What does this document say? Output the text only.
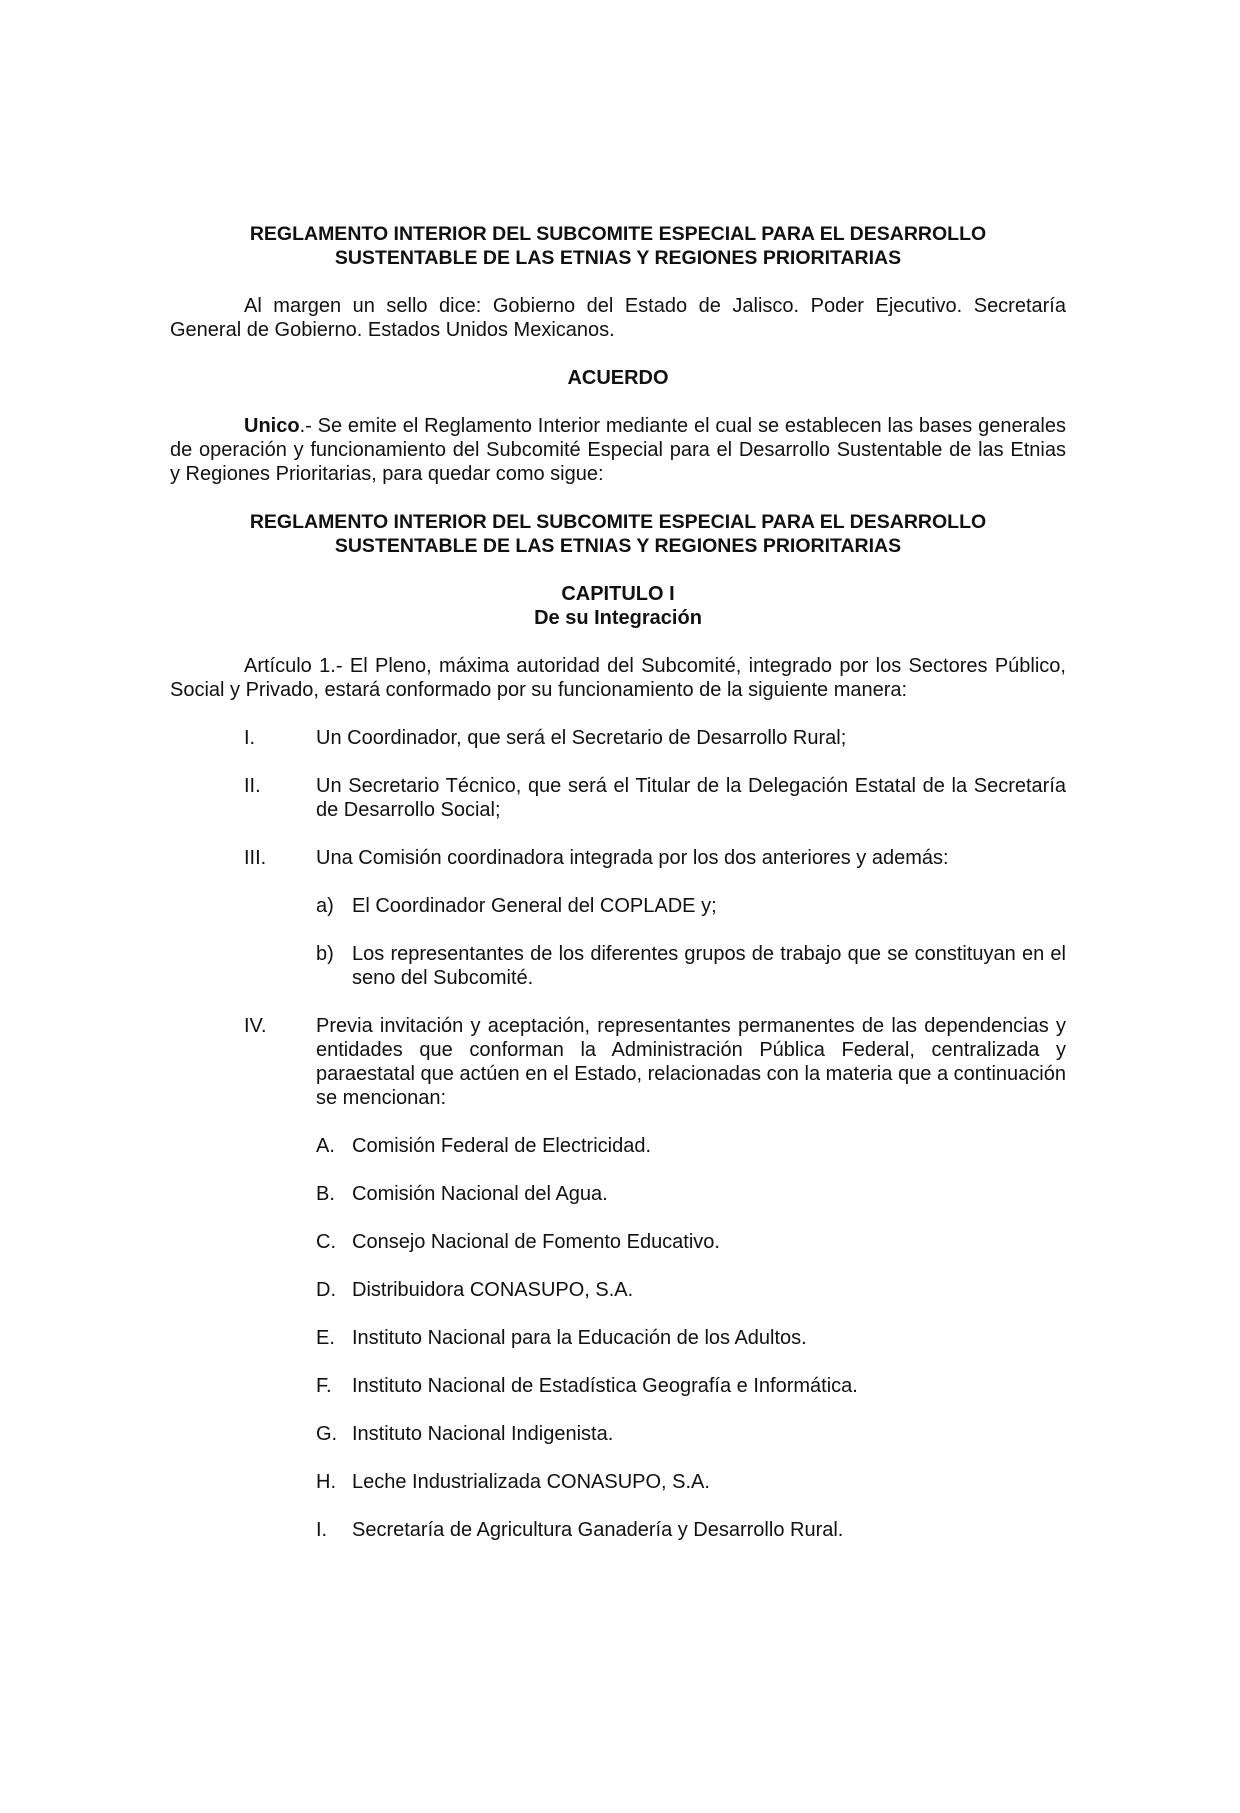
REGLAMENTO INTERIOR DEL SUBCOMITE ESPECIAL PARA EL DESARROLLO
SUSTENTABLE DE LAS ETNIAS Y REGIONES PRIORITARIAS

Al margen un sello dice: Gobierno del Estado de Jalisco. Poder Ejecutivo. Secretaría General de Gobierno. Estados Unidos Mexicanos.

ACUERDO

Unico.- Se emite el Reglamento Interior mediante el cual se establecen las bases generales de operación y funcionamiento del Subcomité Especial para el Desarrollo Sustentable de las Etnias y Regiones Prioritarias, para quedar como sigue:

REGLAMENTO INTERIOR DEL SUBCOMITE ESPECIAL PARA EL DESARROLLO
SUSTENTABLE DE LAS ETNIAS Y REGIONES PRIORITARIAS

CAPITULO I

De su Integración

Artículo 1.- El Pleno, máxima autoridad del Subcomité, integrado por los Sectores Público, Social y Privado, estará conformado por su funcionamiento de la siguiente manera:

I.	Un Coordinador, que será el Secretario de Desarrollo Rural;
II.	Un Secretario Técnico, que será el Titular de la Delegación Estatal de la Secretaría de Desarrollo Social;
III. Una Comisión coordinadora integrada por los dos anteriores y además:
a) El Coordinador General del COPLADE y;
b) Los representantes de los diferentes grupos de trabajo que se constituyan en el seno del Subcomité.
IV. Previa invitación y aceptación, representantes permanentes de las dependencias y entidades que conforman la Administración Pública Federal, centralizada y paraestatal que actúen en el Estado, relacionadas con la materia que a continuación se mencionan:
A. Comisión Federal de Electricidad.
B. Comisión Nacional del Agua.
C. Consejo Nacional de Fomento Educativo.
D. Distribuidora CONASUPO, S.A.
E. Instituto Nacional para la Educación de los Adultos.
F. Instituto Nacional de Estadística Geografía e Informática.
G. Instituto Nacional Indigenista.
H. Leche Industrializada CONASUPO, S.A.
I. Secretaría de Agricultura Ganadería y Desarrollo Rural.
